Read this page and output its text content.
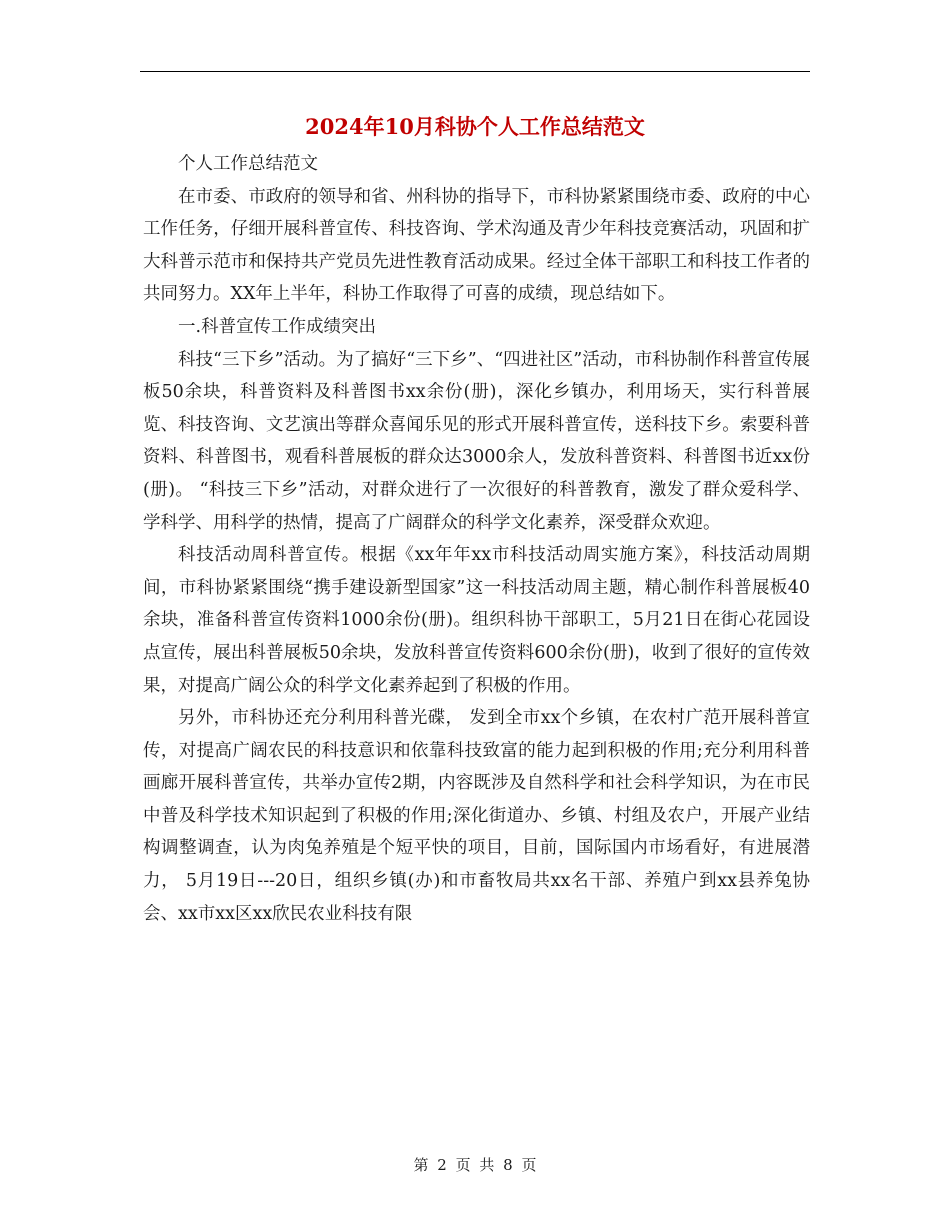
2024年10月科协个人工作总结范文

个人工作总结范文

在市委、市政府的领导和省、州科协的指导下，市科协紧紧围绕市委、政府的中心工作任务，仔细开展科普宣传、科技咨询、学术沟通及青少年科技竞赛活动，巩固和扩大科普示范市和保持共产党员先进性教育活动成果。经过全体干部职工和科技工作者的共同努力。XX年上半年，科协工作取得了可喜的成绩，现总结如下。

一.科普宣传工作成绩突出

科技“三下乡”活动。为了搞好“三下乡”、“四进社区”活动，市科协制作科普宣传展板50余块，科普资料及科普图书xx余份(册)，深化乡镇办，利用场天，实行科普展览、科技咨询、文艺演出等群众喜闻乐见的形式开展科普宣传，送科技下乡。索要科普资料、科普图书，观看科普展板的群众达3000余人，发放科普资料、科普图书近xx份(册)。 “科技三下乡”活动，对群众进行了一次很好的科普教育，激发了群众爱科学、学科学、用科学的热情，提高了广阔群众的科学文化素养，深受群众欢迎。

科技活动周科普宣传。根据《xx年年xx市科技活动周实施方案》，科技活动周期间，市科协紧紧围绕“携手建设新型国家”这一科技活动周主题，精心制作科普展板40余块，准备科普宣传资料1000余份(册)。组织科协干部职工，5月21日在街心花园设点宣传，展出科普展板50余块，发放科普宣传资料600余份(册)，收到了很好的宣传效果，对提高广阔公众的科学文化素养起到了积极的作用。

另外，市科协还充分利用科普光碟， 发到全市xx个乡镇，在农村广范开展科普宣传，对提高广阔农民的科技意识和依靠科技致富的能力起到积极的作用;充分利用科普画廊开展科普宣传，共举办宣传2期，内容既涉及自然科学和社会科学知识，为在市民中普及科学技术知识起到了积极的作用;深化街道办、乡镇、村组及农户，开展产业结构调整调查，认为肉兔养殖是个短平快的项目，目前，国际国内市场看好，有进展潜力， 5月19日---20日，组织乡镇(办)和市畜牧局共xx名干部、养殖户到xx县养兔协会、xx市xx区xx欣民农业科技有限

第 2 页 共 8 页
